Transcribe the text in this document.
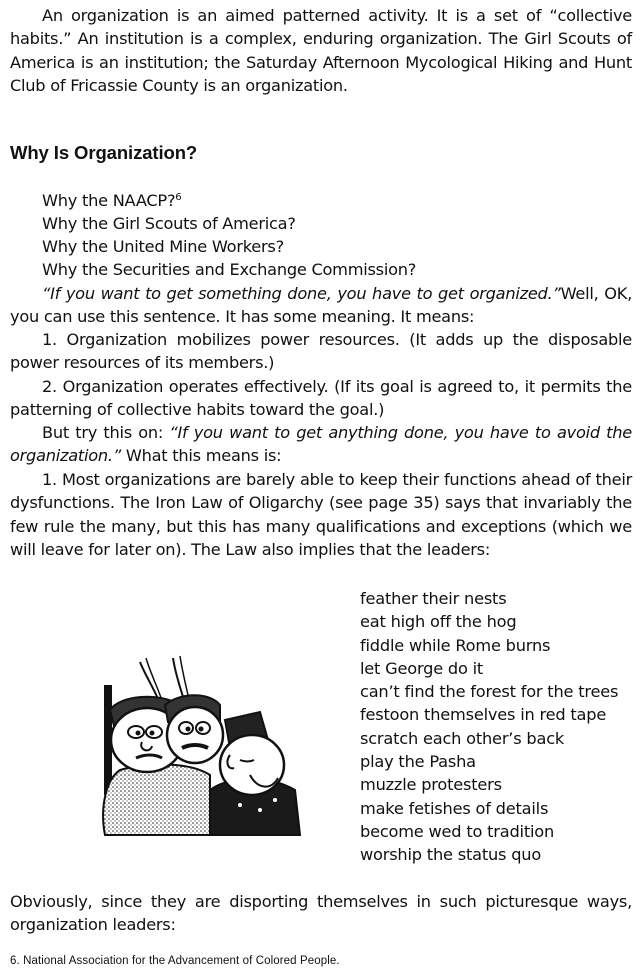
An organization is an aimed patterned activity. It is a set of “collective habits.” An institution is a complex, enduring organization. The Girl Scouts of America is an institution; the Saturday Afternoon Mycological Hiking and Hunt Club of Fricassie County is an organization.
Why Is Organization?
Why the NAACP?$^6$
Why the Girl Scouts of America?
Why the United Mine Workers?
Why the Securities and Exchange Commission?
“If you want to get something done, you have to get organized.”Well, OK, you can use this sentence. It has some meaning. It means:
1. Organization mobilizes power resources. (It adds up the disposable power resources of its members.)
2. Organization operates effectively. (If its goal is agreed to, it permits the patterning of collective habits toward the goal.)
But try this on: “If you want to get anything done, you have to avoid the organization.” What this means is:
1. Most organizations are barely able to keep their functions ahead of their dysfunctions. The Iron Law of Oligarchy (see page 35) says that invariably the few rule the many, but this has many qualifications and exceptions (which we will leave for later on). The Law also implies that the leaders:
feather their nests
eat high off the hog
fiddle while Rome burns
let George do it
can’t find the forest for the trees
festoon themselves in red tape
scratch each other’s back
play the Pasha
muzzle protesters
make fetishes of details
become wed to tradition
worship the status quo
Obviously, since they are disporting themselves in such picturesque ways, organization leaders:
6. National Association for the Advancement of Colored People.
